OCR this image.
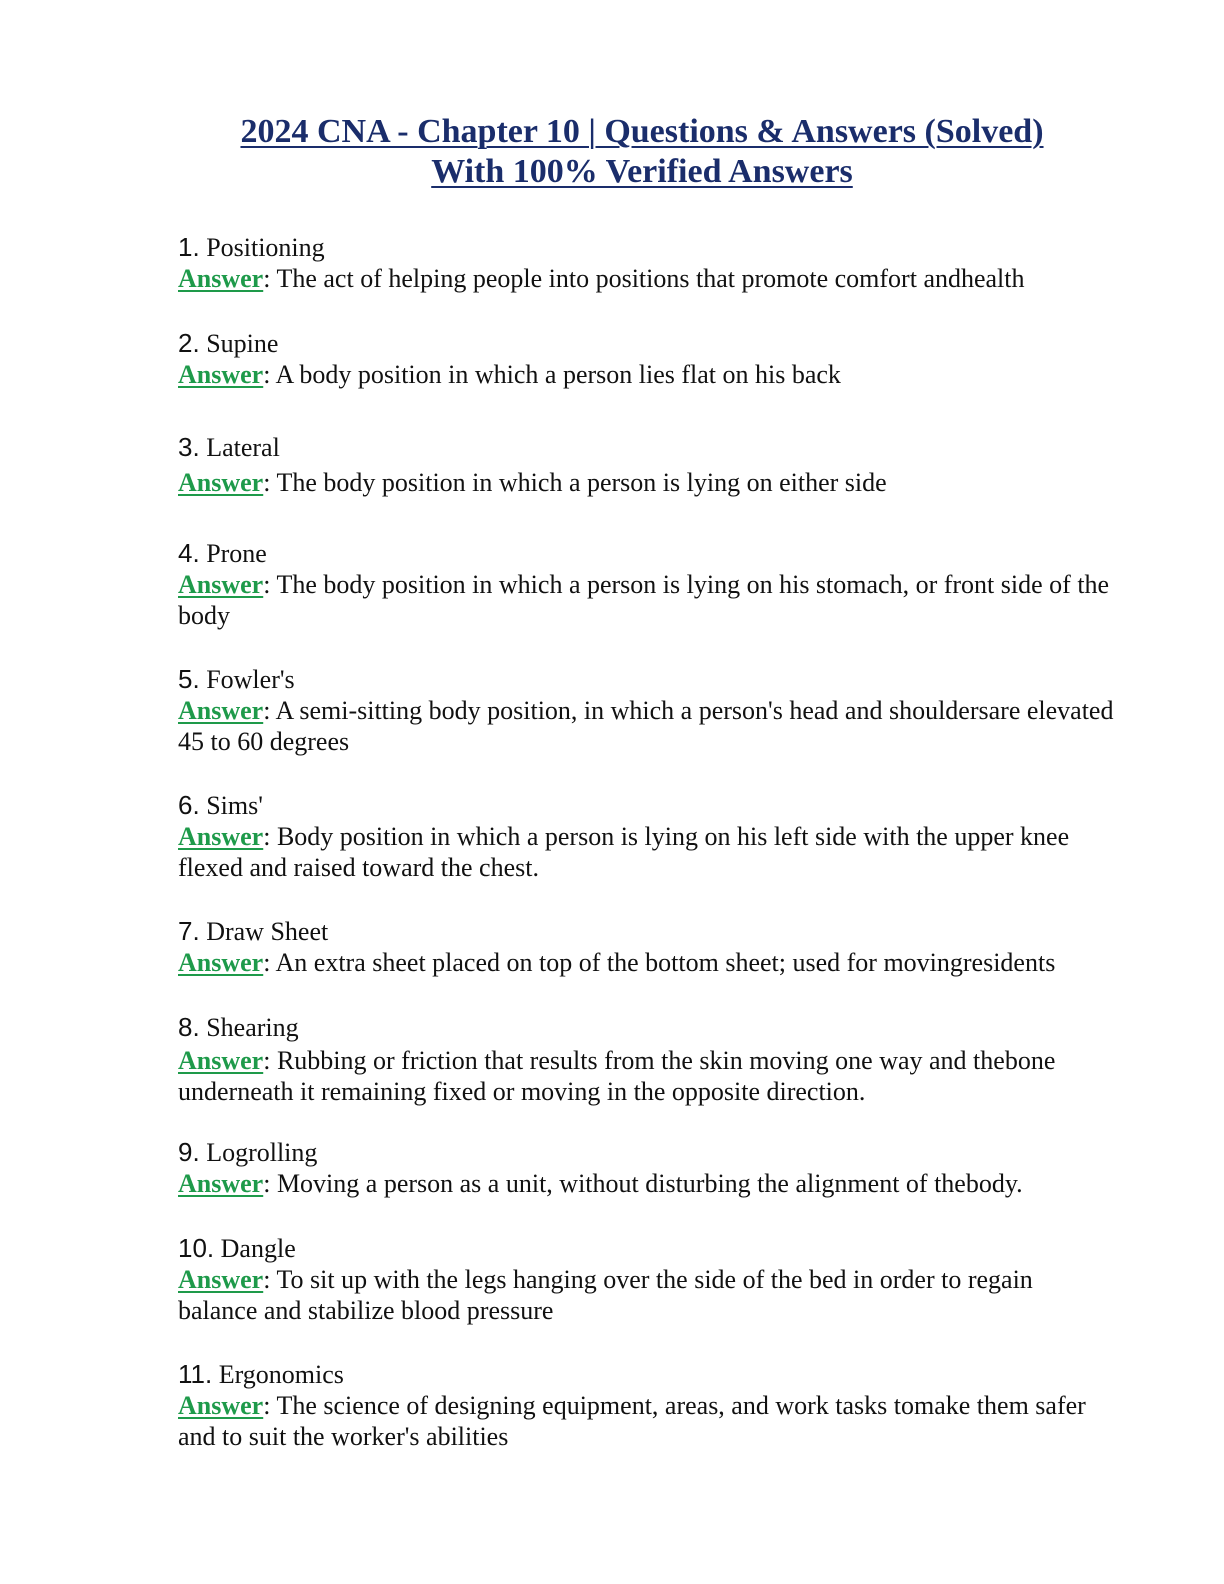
2024 CNA - Chapter 10 | Questions & Answers (Solved)
With 100% Verified Answers
1. Positioning
Answer: The act of helping people into positions that promote comfort andhealth
2. Supine
Answer: A body position in which a person lies flat on his back
3. Lateral
Answer: The body position in which a person is lying on either side
4. Prone
Answer: The body position in which a person is lying on his stomach, or front side of the body
5. Fowler's
Answer: A semi-sitting body position, in which a person's head and shouldersare elevated 45 to 60 degrees
6. Sims'
Answer: Body position in which a person is lying on his left side with the upper knee flexed and raised toward the chest.
7. Draw Sheet
Answer: An extra sheet placed on top of the bottom sheet; used for movingresidents
8. Shearing
Answer: Rubbing or friction that results from the skin moving one way and thebone underneath it remaining fixed or moving in the opposite direction.
9. Logrolling
Answer: Moving a person as a unit, without disturbing the alignment of thebody.
10. Dangle
Answer: To sit up with the legs hanging over the side of the bed in order to regain balance and stabilize blood pressure
11. Ergonomics
Answer: The science of designing equipment, areas, and work tasks tomake them safer and to suit the worker's abilities
